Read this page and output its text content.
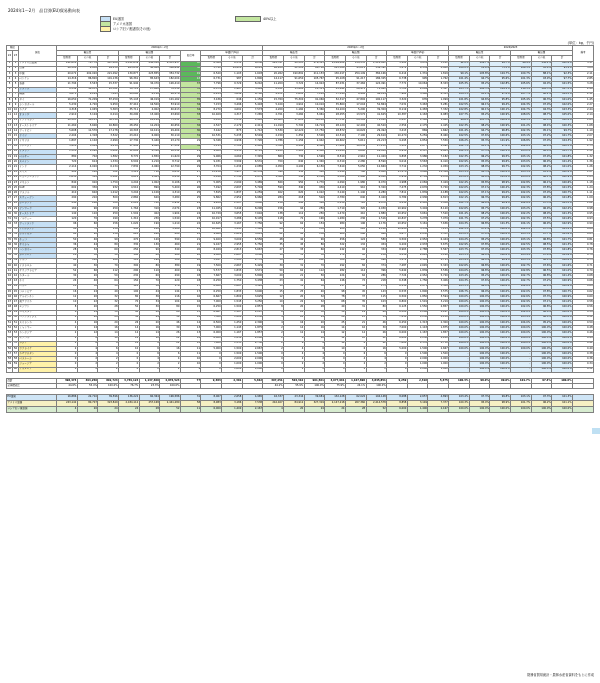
2024年1～2月　品目別(EU)貿易動向表
EU諸国
アメリカ諸国
ロシア旧ソ連諸国(その他)
40%以上
(単位：kg、千円)
順位		国名	2024年1～2月										2023年1～2月									2024/2023						備考
24	23		輸出量			輸出額			割合率	単価(円/kg)			輸出量			輸出額			単価(円/kg)			輸出量			輸出額			
			貨物便	その他	計	貨物便	その他	計		貨物便	その他	計	貨物便	その他	計	貨物便	その他	計	貨物便	その他	計	貨物便	その他	計	貨物便	その他	計	
1	1	アメリカ合衆国	222,814	71,778	467,006	2,121,659	244,418	2,455,917	60	6,368	6,331	6,256	222,317	40,303	276,323	1,289,024	154,555	1,512,081	5,181	3,831	5,181	92.2%	116.7%	99.7%	98.4%	158.2%	102.4%	3.17
2	2	台湾	46,300	2,830	49,130	265,834	40,808	306,642	56	5,740	14,418	6,241	46,200	22,500	68,700	243,580	93,011	336,591	5,272	4,134	4,900	100.2%	12.6%	71.5%	109.1%	43.9%	91.1%	3.04
3	3	中国	20,072	202,020	221,092	130,877	223,855	354,732	49	6,520	1,103	1,603	20,262	190,891	211,153	130,017	254,149	384,166	6,414	1,331	1,819	99.1%	105.8%	104.7%	100.7%	88.1%	92.3%	2.11
4	4	ベトナム	14,316	86,820	101,136	96,361	85,643	182,004	43	6,731	987	1,800	14,117	91,650	105,767	95,108	91,217	186,325	6,738	995	1,762	101.4%	94.7%	95.6%	101.3%	93.9%	97.7%	2.85
5	5	香港	11,794	3,543	15,337	91,940	34,470	126,410	37	7,796	9,729	8,242	11,200	3,722	14,922	87,031	37,460	124,491	7,771	10,064	8,343	105.3%	95.2%	102.8%	105.6%	92.0%	101.5%	3.28
6	6	フランス	8,349	14,033	22,382	50,714	27,600	78,314	33	6,074	1,967	3,499	8,051	13,460	21,511	45,892	26,970	72,862	5,700	2,004	3,387	103.7%	104.3%	104.1%	110.5%	102.3%	107.5%	2.46
7	7	韓国	4,871	2,224	7,095	40,060	8,116	48,176	37	8,224	3,649	6,790	4,671	2,610	7,281	37,190	8,994	46,184	7,962	3,446	6,343	104.3%	85.2%	97.4%	107.7%	90.2%	104.3%	2.11
8	8	タイ	16,050	71,209	87,259	55,143	46,019	101,162	35	3,436	646	1,159	15,760	75,300	91,060	52,317	47,800	100,117	3,320	635	1,099	101.8%	94.6%	95.8%	105.4%	96.3%	101.0%	1.45
9	9	シンガポール	5,230	4,720	9,950	37,410	16,500	53,910	34	7,153	3,496	5,418	5,100	4,910	10,010	35,860	17,004	52,864	7,031	3,463	5,281	102.5%	96.1%	99.4%	104.3%	97.0%	102.0%	2.27
10	10	カナダ	4,318	1,045	5,363	35,711	4,902	40,613	34	8,270	4,691	7,573	4,200	1,160	5,360	34,100	5,200	39,300	8,119	4,483	7,332	102.8%	90.1%	100.1%	104.7%	94.3%	103.3%	2.44
11	12	オランダ	2,910	3,104	6,014	30,290	13,400	43,690	33	10,409	4,317	7,265	2,701	3,260	5,961	28,055	13,570	41,625	10,387	4,163	6,983	107.7%	95.2%	100.9%	108.0%	98.7%	105.0%	2.14
12	11	インドネシア	20,303	18,215	38,518	49,333	24,218	73,551	36	2,430	1,330	1,910	20,600	17,600	38,200	47,312	24,500	71,812	2,297	1,392	1,880	98.6%	103.5%	100.8%	104.3%	98.8%	102.4%	1.85
13	13	オーストラリア	11,260	5,600	16,860	28,450	12,204	40,654	32	2,527	2,179	2,411	11,010	5,700	16,710	28,120	12,400	40,520	2,554	2,175	2,425	102.3%	98.2%	100.9%	101.2%	98.4%	100.3%	1.68
14	14	フィリピン	5,608	11,570	17,178	19,303	10,101	29,404	30	3,442	873	1,712	5,530	12,220	17,750	18,872	10,620	29,492	3,413	869	1,662	101.4%	94.7%	96.8%	102.3%	95.1%	99.7%	1.19
15	15	ドイツ	2,204	1,318	3,522	23,210	6,900	30,110	31	10,531	5,235	8,549	2,150	1,350	3,500	22,510	7,100	29,610	10,470	5,259	8,460	102.5%	97.6%	100.6%	103.1%	97.2%	101.7%	2.07
16	17	イギリス	1,897	1,102	2,999	17,730	5,440	23,170	29	9,346	4,936	7,726	1,786	1,156	2,942	16,602	5,611	22,213	9,295	4,854	7,550	106.2%	95.3%	101.9%	106.8%	97.0%	104.3%	1.92
17	16	マレーシア	3,410	5,804	9,214	17,442	9,880	27,322	32	5,115	1,702	2,965	3,320	6,100	9,420	17,002	10,230	27,232	5,121	1,677	2,891	102.7%	95.1%	97.8%	102.6%	96.6%	100.3%	1.73
18	18	イタリア	1,310	1,092	2,402	11,802	4,510	16,312	29	9,009	4,130	6,791	1,280	1,120	2,400	11,440	4,600	16,040	8,938	4,107	6,683	102.3%	97.5%	100.1%	103.2%	98.0%	101.7%	1.51
19	19	ベルギー	880	702	1,582	8,770	2,850	11,620	29	9,966	4,060	7,345	860	730	1,590	8,510	2,910	11,420	9,895	3,986	7,182	102.3%	96.2%	99.5%	103.1%	97.9%	101.8%	1.32
20	20	スペイン	720	614	1,334	6,502	2,210	8,712	28	9,031	3,599	6,531	700	640	1,340	6,310	2,280	8,590	9,014	3,563	6,410	102.9%	95.9%	99.6%	103.0%	96.9%	101.4%	1.36
21	21	インド	2,114	4,020	6,134	7,830	4,960	12,790	29	3,704	1,234	2,085	2,050	4,100	6,150	7,610	5,050	12,660	3,712	1,232	2,059	103.1%	98.0%	99.7%	102.9%	98.2%	101.0%	1.26
22	22	スイス	402	120	522	5,321	710	6,031	27	13,236	5,917	11,554	390	130	520	5,140	760	5,900	13,179	5,846	11,346	103.1%	92.3%	100.4%	103.5%	93.4%	102.2%	1.27
23	24	ニュージーランド	1,650	512	2,162	4,811	1,403	6,214	27	2,916	2,740	2,874	1,560	540	2,100	4,580	1,460	6,040	2,936	2,704	2,876	105.8%	94.8%	103.0%	105.0%	96.1%	102.9%	1.25
24	23	メキシコ	840	910	1,750	4,204	1,902	6,106	27	5,005	2,090	3,489	820	950	1,770	4,090	1,980	6,070	4,988	2,084	3,429	102.4%	95.8%	98.9%	102.8%	96.1%	100.6%	1.18
25	25	UAE	602	330	932	4,510	890	5,400	26	7,492	2,697	5,794	590	340	930	4,410	910	5,320	7,475	2,676	5,720	102.0%	97.1%	100.2%	102.3%	97.8%	101.5%	1.24
26	26	ブラジル	410	602	1,012	3,204	1,106	4,310	25	7,815	1,837	4,259	402	620	1,022	3,140	1,140	4,280	7,811	1,839	4,188	102.0%	97.1%	99.0%	102.0%	97.0%	100.7%	1.11
27	27	スウェーデン	290	210	500	2,860	620	3,480	25	9,862	2,952	6,960	284	218	502	2,780	640	3,420	9,789	2,936	6,813	102.1%	96.3%	99.6%	102.9%	96.9%	101.8%	1.09
28	28	ポーランド	240	280	520	2,210	702	2,912	24	9,208	2,507	5,600	236	290	526	2,150	720	2,870	9,110	2,483	5,456	101.7%	96.6%	98.9%	102.8%	97.5%	101.5%	1.02
29	29	デンマーク	160	90	250	1,764	310	2,074	23	11,025	3,444	8,296	156	94	250	1,710	320	2,030	10,962	3,404	8,120	102.6%	95.7%	100.0%	103.2%	96.9%	102.2%	0.98
30	30	オーストリア	140	110	250	1,502	402	1,904	24	10,729	3,655	7,616	138	112	250	1,470	410	1,880	10,652	3,661	7,520	101.4%	98.2%	100.0%	102.2%	98.0%	101.3%	0.95
31	31	ノルウェー	120	70	190	1,310	230	1,540	23	10,917	3,286	8,105	118	72	190	1,280	236	1,516	10,847	3,278	7,979	101.7%	97.2%	100.0%	102.3%	97.5%	101.6%	0.93
32	33	フィンランド	96	60	156	1,020	190	1,210	22	10,625	3,167	7,756	92	62	154	980	196	1,176	10,652	3,161	7,636	104.3%	96.8%	101.3%	104.1%	96.9%	102.9%	0.90
33	32	アイルランド	88	70	158	940	220	1,160	22	10,682	3,143	7,342	86	72	158	920	226	1,146	10,698	3,139	7,253	102.3%	97.2%	100.0%	102.2%	97.3%	101.2%	0.88
34	34	ポルトガル	64	92	156	620	260	880	22	9,688	2,826	5,641	62	94	156	600	266	866	9,677	2,830	5,551	103.2%	97.9%	100.0%	103.3%	97.7%	101.6%	0.85
35	35	チェコ	50	40	90	470	120	590	21	9,400	3,000	6,556	48	42	90	456	124	580	9,500	2,952	6,444	104.2%	95.2%	100.0%	103.1%	96.8%	101.7%	0.81
36	36	ギリシャ	36	44	80	330	130	460	21	9,167	2,955	5,750	35	45	80	322	132	454	9,200	2,933	5,675	102.9%	97.8%	100.0%	102.5%	98.5%	101.3%	0.78
37	37	ハンガリー	28	32	60	250	90	340	20	8,929	2,813	5,667	27	33	60	242	92	334	8,963	2,788	5,567	103.7%	97.0%	100.0%	103.3%	97.8%	101.8%	0.76
38	38	ルーマニア	20	30	50	180	80	260	20	9,000	2,667	5,200	19	31	50	174	82	256	9,158	2,645	5,120	105.3%	96.8%	100.0%	103.4%	97.6%	101.6%	0.74
39	39	トルコ	60	120	180	310	190	500	20	5,167	1,583	2,778	58	124	182	300	196	496	5,172	1,581	2,725	103.4%	96.8%	98.9%	103.3%	96.9%	100.8%	0.73
40	40	イスラエル	40	30	70	300	80	380	19	7,500	2,667	5,429	39	31	70	292	82	374	7,487	2,645	5,343	102.6%	96.8%	100.0%	102.7%	97.6%	101.6%	0.71
41	41	サウジアラビア	52	60	112	290	110	400	19	5,577	1,833	3,571	50	62	112	282	114	396	5,640	1,839	3,536	104.0%	96.8%	100.0%	102.8%	96.5%	101.0%	0.70
42	42	カタール	30	20	50	230	60	290	18	7,667	3,000	5,800	29	21	50	224	62	286	7,724	2,952	5,720	103.4%	95.2%	100.0%	102.7%	96.8%	101.4%	0.68
43	43	チリ	24	40	64	150	70	220	18	6,250	1,750	3,438	23	41	64	146	72	218	6,348	1,756	3,406	104.3%	97.6%	100.0%	102.7%	97.2%	100.9%	0.66
44	44	ペルー	20	30	50	120	56	176	17	6,000	1,867	3,520	19	31	50	117	58	175	6,158	1,871	3,500	105.3%	96.8%	100.0%	102.6%	96.6%	100.6%	0.64
45	45	コロンビア	16	24	40	100	44	144	17	6,250	1,833	3,600	15	25	40	98	45	143	6,533	1,800	3,575	106.7%	96.0%	100.0%	102.0%	97.8%	100.7%	0.62
46	46	アルゼンチン	12	20	32	80	36	116	16	6,667	1,800	3,625	12	20	32	78	37	115	6,500	1,850	3,594	100.0%	100.0%	100.0%	102.6%	97.3%	100.9%	0.60
47	47	南アフリカ	10	22	32	70	34	104	16	7,000	1,545	3,250	10	22	32	68	35	103	6,800	1,591	3,219	100.0%	100.0%	100.0%	102.9%	97.1%	101.0%	0.58
48	48	エジプト	8	20	28	50	30	80	15	6,250	1,500	2,857	8	20	28	49	31	80	6,125	1,550	2,857	100.0%	100.0%	100.0%	102.0%	96.8%	100.0%	0.56
49	49	パキスタン	6	24	30	40	28	68	15	6,667	1,167	2,267	6	24	30	39	29	68	6,500	1,208	2,267	100.0%	100.0%	100.0%	102.6%	96.6%	100.0%	0.54
50	50	バングラデシュ	4	20	24	30	24	54	14	7,500	1,200	2,250	4	20	24	29	25	54	7,250	1,250	2,250	100.0%	100.0%	100.0%	103.4%	96.0%	100.0%	0.52
51	51	スリランカ	4	16	20	26	20	46	14	6,500	1,250	2,300	4	16	20	25	21	46	6,250	1,313	2,300	100.0%	100.0%	100.0%	104.0%	95.2%	100.0%	0.50
52	52	ミャンマー	2	14	16	14	16	30	13	7,000	1,143	1,875	2	14	16	14	16	30	7,000	1,143	1,875	100.0%	100.0%	100.0%	100.0%	100.0%	100.0%	0.48
53	53	カンボジア	2	12	14	12	14	26	13	6,000	1,167	1,857	2	12	14	12	14	26	6,000	1,167	1,857	100.0%	100.0%	100.0%	100.0%	100.0%	100.0%	0.46
54	54	モンゴル	2	8	10	12	10	22	12	6,000	1,250	2,200	2	8	10	12	10	22	6,000	1,250	2,200	100.0%	100.0%	100.0%	100.0%	100.0%	100.0%	0.44
55	55	ロシア	2	6	8	14	8	22	12	7,000	1,333	2,750	2	6	8	14	8	22	7,000	1,333	2,750	100.0%	100.0%	100.0%	100.0%	100.0%	100.0%	0.42
56	56	ウクライナ	2	4	6	10	6	16	11	5,000	1,500	2,667	2	4	6	10	6	16	5,000	1,500	2,667	100.0%	100.0%	100.0%	100.0%	100.0%	100.0%	0.40
57	57	カザフスタン	0	4	4	0	6	6	11	0	1,500	1,500	0	4	4	0	6	6	0	1,500	1,500	-	100.0%	100.0%	-	100.0%	100.0%	0.38
58	58	ベラルーシ	0	2	2	0	4	4	10	0	2,000	2,000	0	2	2	0	4	4	0	2,000	2,000	-	100.0%	100.0%	-	100.0%	100.0%	0.36
59	59	ジョージア	0	2	2	0	2	2	10	0	1,000	1,000	0	2	2	0	2	2	0	1,000	1,000	-	100.0%	100.0%	-	100.0%	100.0%	0.34
60	60	アルメニア	0	2	2	0	2	2	9	0	1,000	1,000	0	2	2	0	2	2	0	1,000	1,000	-	100.0%	100.0%	-	100.0%	100.0%	0.32

合計			398,474	494,250	892,724	3,739,124	1,137,400	4,876,524	77	9,383	2,301	5,462	397,251	504,310	901,561	3,677,961	1,167,890	4,845,851	9,259	2,316	5,375	100.3%	98.0%	99.0%	101.7%	97.4%	100.6%	
全体構成比			44.6%	55.4%	100.0%	76.7%	23.3%	100.0%					44.1%	55.9%	100.0%	75.9%	24.1%	100.0%										

EU諸国			16,886	22,710	39,596	136,222	60,364	196,586	31	8,067	2,658	4,965	16,337	23,344	39,681	132,128	62,020	194,148	8,088	2,657	4,893	103.4%	97.3%	99.8%	103.1%	97.3%	101.3%	
アメリカ諸国			243,142	80,707	323,849	2,184,112	257,168	2,441,280	58	8,983	3,186	7,538	242,407	84,912	327,319	2,147,218	267,360	2,414,578	8,858	3,149	7,377	100.3%	95.0%	98.9%	101.7%	96.2%	101.1%	
ロシア旧ソ連諸国			4	20	24	24	28	52	11	6,000	1,400	2,167	4	20	24	24	28	52	6,000	1,400	2,167	100.0%	100.0%	100.0%	100.0%	100.0%	100.0%	
財務省貿易統計・農林水産省資料をもとに作成
